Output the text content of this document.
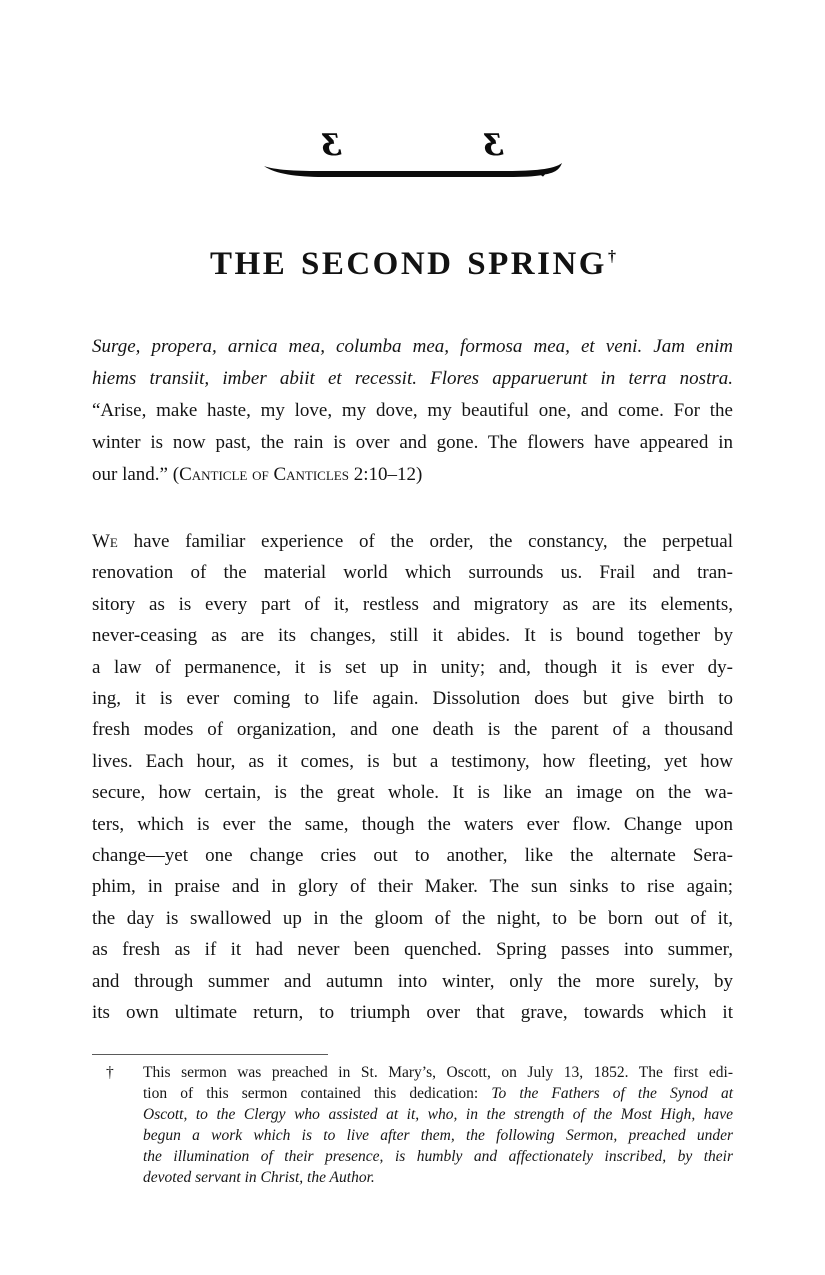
ʒ	ʒ
THE SECOND SPRING†
Surge, propera, arnica mea, columba mea, formosa mea, et veni. Jam enim
hiems transiit, imber abiit et recessit. Flores apparuerunt in terra nostra.
“Arise, make haste, my love, my dove, my beautiful one, and come. For the
winter is now past, the rain is over and gone. The flowers have appeared in
our land.” (Canticle of Canticles 2:10–12)
We have familiar experience of the order, the constancy, the perpetual
renovation of the material world which surrounds us. Frail and tran-
sitory as is every part of it, restless and migratory as are its elements,
never-ceasing as are its changes, still it abides. It is bound together by
a law of permanence, it is set up in unity; and, though it is ever dy-
ing, it is ever coming to life again. Dissolution does but give birth to
fresh modes of organization, and one death is the parent of a thousand
lives. Each hour, as it comes, is but a testimony, how fleeting, yet how
secure, how certain, is the great whole. It is like an image on the wa-
ters, which is ever the same, though the waters ever flow. Change upon
change—yet one change cries out to another, like the alternate Sera-
phim, in praise and in glory of their Maker. The sun sinks to rise again;
the day is swallowed up in the gloom of the night, to be born out of it,
as fresh as if it had never been quenched. Spring passes into summer,
and through summer and autumn into winter, only the more surely, by
its own ultimate return, to triumph over that grave, towards which it
† This sermon was preached in St. Mary’s, Oscott, on July 13, 1852. The first edi-
tion of this sermon contained this dedication: To the Fathers of the Synod at
Oscott, to the Clergy who assisted at it, who, in the strength of the Most High, have
begun a work which is to live after them, the following Sermon, preached under
the illumination of their presence, is humbly and affectionately inscribed, by their
devoted servant in Christ, the Author.
